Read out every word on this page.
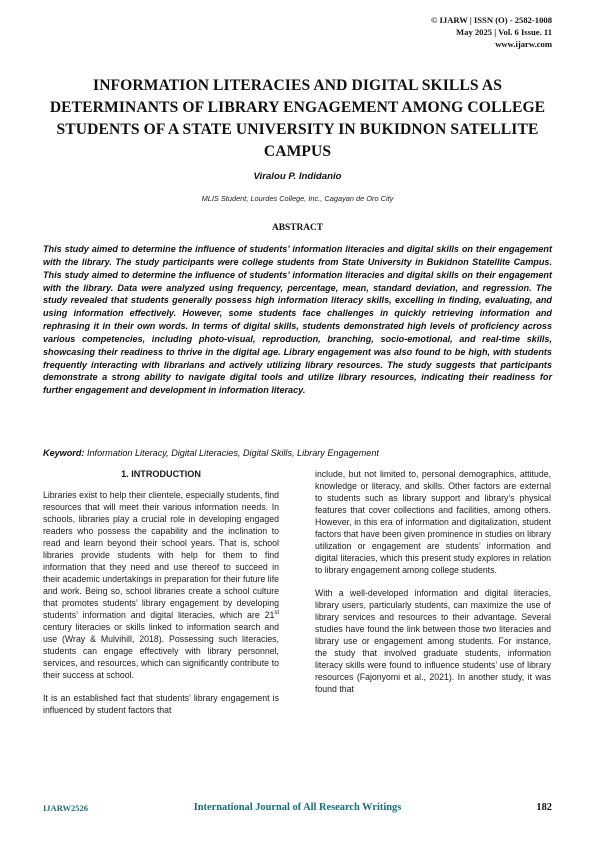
© IJARW | ISSN (O) - 2582-1008
May 2025 | Vol. 6 Issue. 11
www.ijarw.com
INFORMATION LITERACIES AND DIGITAL SKILLS AS DETERMINANTS OF LIBRARY ENGAGEMENT AMONG COLLEGE STUDENTS OF A STATE UNIVERSITY IN BUKIDNON SATELLITE CAMPUS
Viralou P. Indidanio
MLIS Student, Lourdes College, Inc., Cagayan de Oro City
ABSTRACT
This study aimed to determine the influence of students’ information literacies and digital skills on their engagement with the library. The study participants were college students from State University in Bukidnon Statellite Campus. This study aimed to determine the influence of students’ information literacies and digital skills on their engagement with the library. Data were analyzed using frequency, percentage, mean, standard deviation, and regression. The study revealed that students generally possess high information literacy skills, excelling in finding, evaluating, and using information effectively. However, some students face challenges in quickly retrieving information and rephrasing it in their own words. In terms of digital skills, students demonstrated high levels of proficiency across various competencies, including photo-visual, reproduction, branching, socio-emotional, and real-time skills, showcasing their readiness to thrive in the digital age. Library engagement was also found to be high, with students frequently interacting with librarians and actively utilizing library resources. The study suggests that participants demonstrate a strong ability to navigate digital tools and utilize library resources, indicating their readiness for further engagement and development in information literacy.
Keyword: Information Literacy, Digital Literacies, Digital Skills, Library Engagement
1. INTRODUCTION

Libraries exist to help their clientele, especially students, find resources that will meet their various information needs. In schools, libraries play a crucial role in developing engaged readers who possess the capability and the inclination to read and learn beyond their school years. That is, school libraries provide students with help for them to find information that they need and use thereof to succeed in their academic undertakings in preparation for their future life and work. Being so, school libraries create a school culture that promotes students’ library engagement by developing students’ information and digital literacies, which are 21st century literacies or skills linked to information search and use (Wray & Mulvihill, 2018). Possessing such literacies, students can engage effectively with library personnel, services, and resources, which can significantly contribute to their success at school.

It is an established fact that students’ library engagement is influenced by student factors that

include, but not limited to, personal demographics, attitude, knowledge or literacy, and skills. Other factors are external to students such as library support and library’s physical features that cover collections and facilities, among others. However, in this era of information and digitalization, student factors that have been given prominence in studies on library utilization or engagement are students’ information and digital literacies, which this present study explores in relation to library engagement among college students.

With a well-developed information and digital literacies, library users, particularly students, can maximize the use of library services and resources to their advantage. Several studies have found the link between those two literacies and library use or engagement among students. For instance, the study that involved graduate students, information literacy skills were found to influence students’ use of library resources (Fajonyomi et al., 2021). In another study, it was found that

IJARW2526	International Journal of All Research Writings	182
